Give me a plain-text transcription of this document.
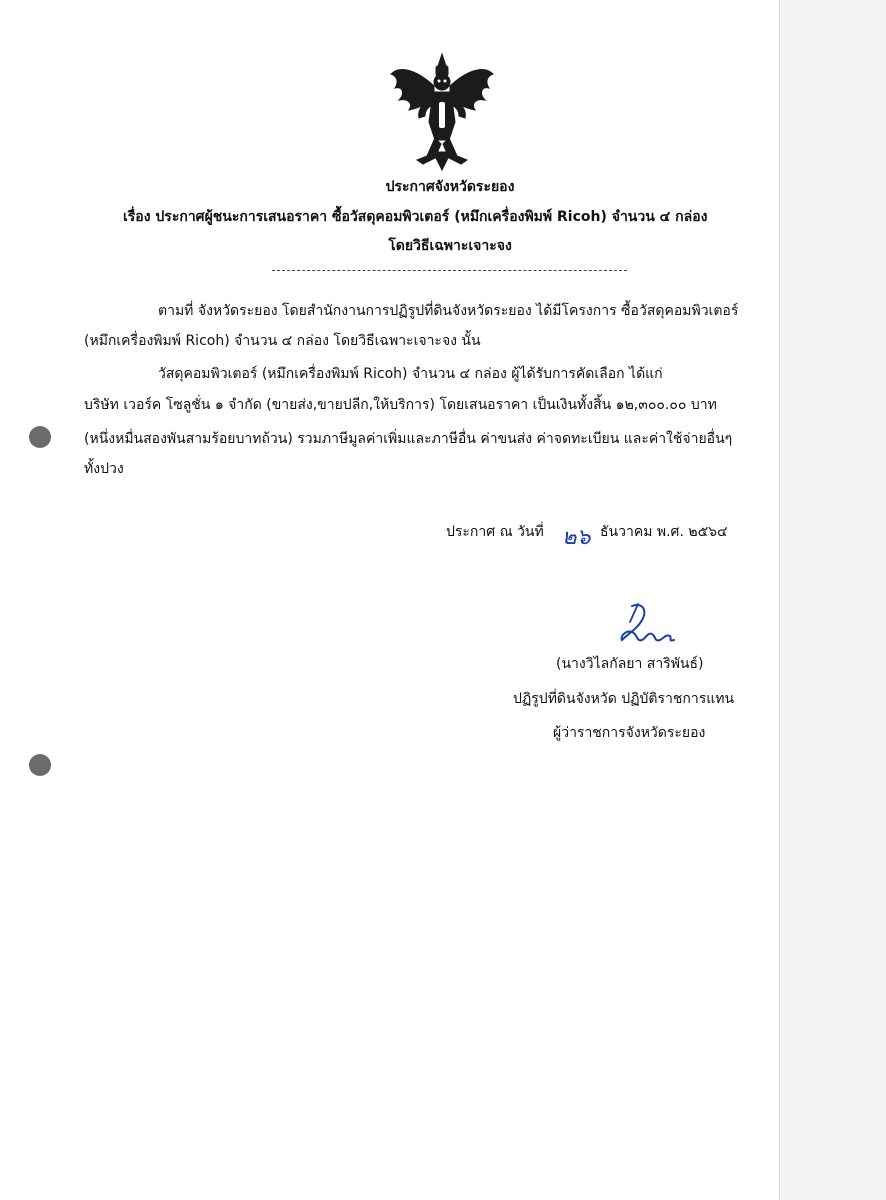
ประกาศจังหวัดระยอง
เรื่อง ประกาศผู้ชนะการเสนอราคา ซื้อวัสดุคอมพิวเตอร์ (หมึกเครื่องพิมพ์ Ricoh) จำนวน ๔ กล่อง
โดยวิธีเฉพาะเจาะจง
ตามที่ จังหวัดระยอง โดยสำนักงานการปฏิรูปที่ดินจังหวัดระยอง ได้มีโครงการ ซื้อวัสดุคอมพิวเตอร์
(หมึกเครื่องพิมพ์ Ricoh) จำนวน ๔ กล่อง โดยวิธีเฉพาะเจาะจง นั้น
วัสดุคอมพิวเตอร์ (หมึกเครื่องพิมพ์ Ricoh) จำนวน ๔ กล่อง ผู้ได้รับการคัดเลือก ได้แก่
บริษัท เวอร์ค โซลูชั่น ๑ จำกัด (ขายส่ง,ขายปลีก,ให้บริการ) โดยเสนอราคา เป็นเงินทั้งสิ้น ๑๒,๓๐๐.๐๐ บาท
(หนึ่งหมื่นสองพันสามร้อยบาทถ้วน) รวมภาษีมูลค่าเพิ่มและภาษีอื่น ค่าขนส่ง ค่าจดทะเบียน และค่าใช้จ่ายอื่นๆ
ทั้งปวง
ประกาศ ณ วันที่ ๒๖ ธันวาคม พ.ศ. ๒๕๖๔
(นางวิไลกัลยา สาริพันธ์)
ปฏิรูปที่ดินจังหวัด ปฏิบัติราชการแทน
ผู้ว่าราชการจังหวัดระยอง
